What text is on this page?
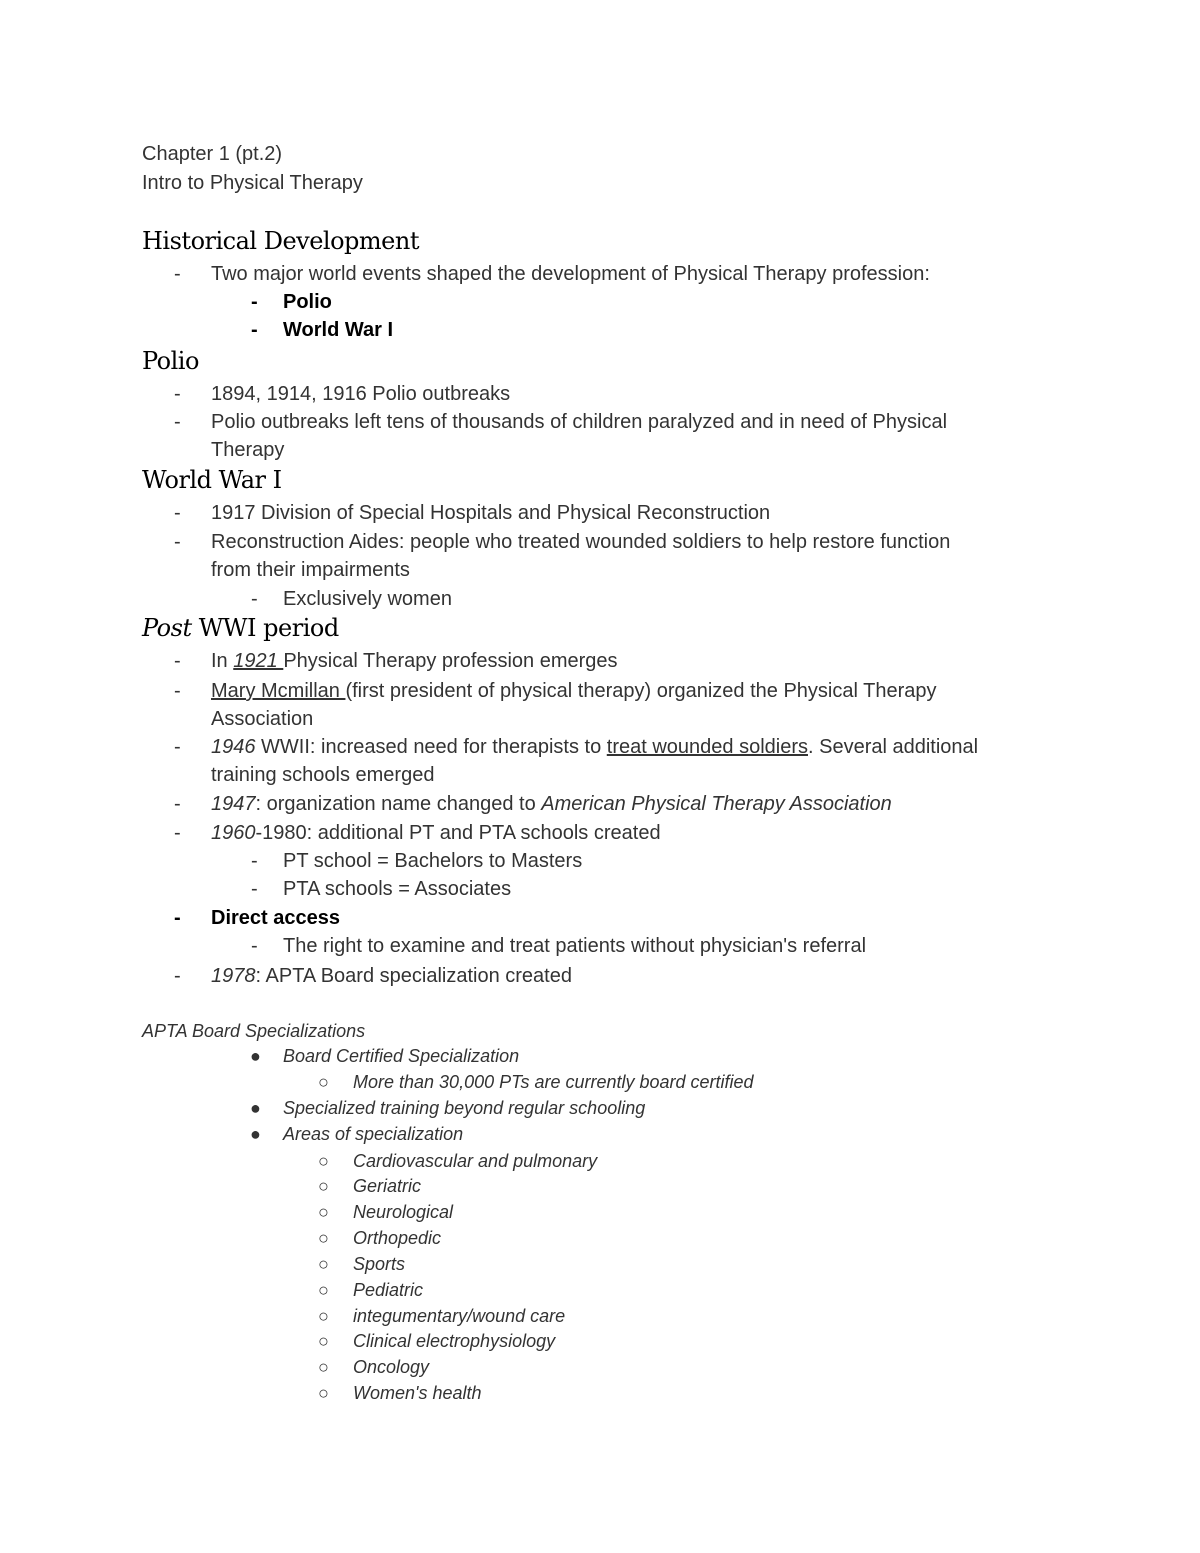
Chapter 1 (pt.2)
Intro to Physical Therapy
Historical Development
- Two major world events shaped the development of Physical Therapy profession:
- Polio
- World War I
Polio
- 1894, 1914, 1916 Polio outbreaks
- Polio outbreaks left tens of thousands of children paralyzed and in need of Physical
Therapy
World War I
- 1917 Division of Special Hospitals and Physical Reconstruction
- Reconstruction Aides: people who treated wounded soldiers to help restore function
from their impairments
- Exclusively women
Post WWI period
- In 1921 Physical Therapy profession emerges
- Mary Mcmillan (first president of physical therapy) organized the Physical Therapy
Association
- 1946 WWII: increased need for therapists to treat wounded soldiers. Several additional
training schools emerged
- 1947: organization name changed to American Physical Therapy Association
- 1960-1980: additional PT and PTA schools created
- PT school = Bachelors to Masters
- PTA schools = Associates
- Direct access
- The right to examine and treat patients without physician's referral
- 1978: APTA Board specialization created
APTA Board Specializations
● Board Certified Specialization
○ More than 30,000 PTs are currently board certified
● Specialized training beyond regular schooling
● Areas of specialization
○ Cardiovascular and pulmonary
○ Geriatric
○ Neurological
○ Orthopedic
○ Sports
○ Pediatric
○ integumentary/wound care
○ Clinical electrophysiology
○ Oncology
○ Women's health
